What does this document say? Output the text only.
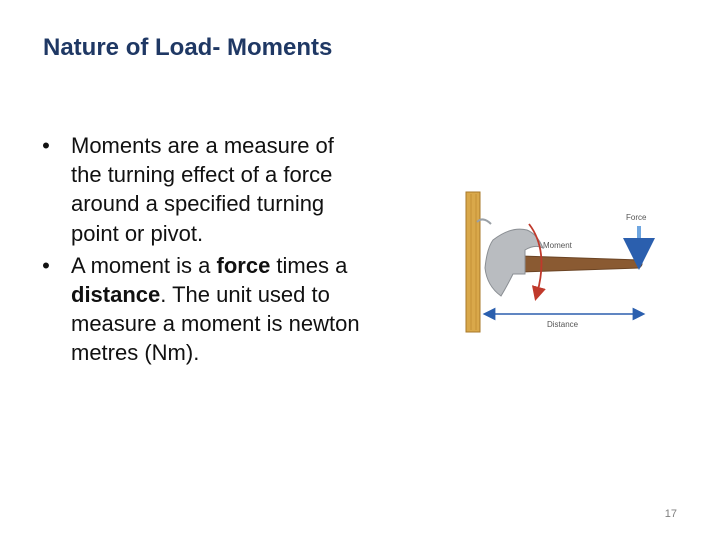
Nature of Load- Moments
• Moments are a measure of the turning effect of a force around a specified turning point or pivot.
• A moment is a force times a distance. The unit used to measure a moment is newton metres (Nm).
Moment
Force
Distance
17
